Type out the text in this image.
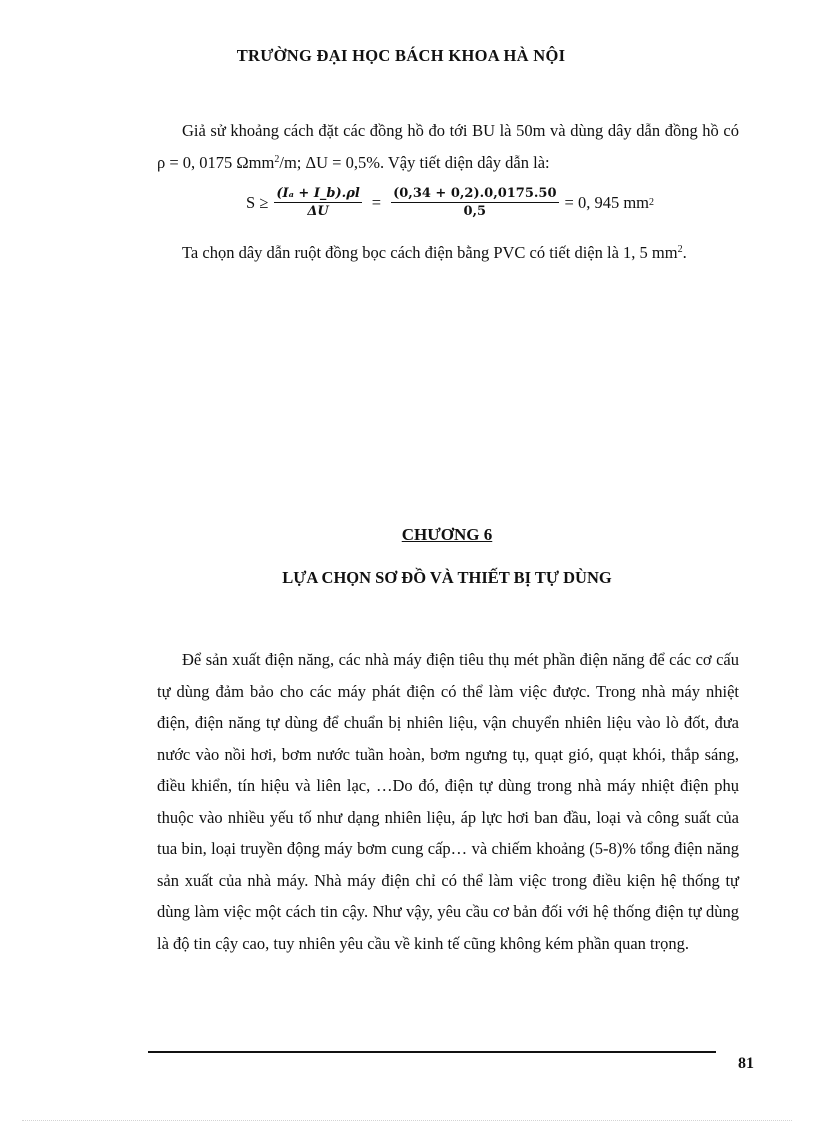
TRƯỜNG ĐẠI HỌC BÁCH KHOA HÀ NỘI
Giả sử khoảng cách đặt các đồng hồ đo tới BU là 50m và dùng dây dẫn đồng hồ có ρ = 0, 0175 Ωmm$^2$/m; ΔU = 0,5%. Vậy tiết diện dây dẫn là:
$S \ge \frac{\text{(Iₐ + I\_b).ρl}}{\Delta U} = \frac{(0,34 + 0,2).0,0175.50}{0,5} = 0$, 945 mm 2
Ta chọn dây dẫn ruột đồng bọc cách điện bằng PVC có tiết diện là 1, 5 $mm^2$.
CHƯƠNG 6
LỰA CHỌN SƠ ĐỒ VÀ THIẾT BỊ TỰ DÙNG
Để sản xuất điện năng, các nhà máy điện tiêu thụ mét phần điện năng để các cơ cấu tự dùng đảm bảo cho các máy phát điện có thể làm việc được. Trong nhà máy nhiệt điện, điện năng tự dùng để chuẩn bị nhiên liệu, vận chuyển nhiên liệu vào lò đốt, đưa nước vào nồi hơi, bơm nước tuần hoàn, bơm ngưng tụ, quạt gió, quạt khói, thắp sáng, điều khiển, tín hiệu và liên lạc, …Do đó, điện tự dùng trong nhà máy nhiệt điện phụ thuộc vào nhiều yếu tố như dạng nhiên liệu, áp lực hơi ban đầu, loại và công suất của tua bin, loại truyền động máy bơm cung cấp… và chiếm khoảng (5-8)% tổng điện năng sản xuất của nhà máy. Nhà máy điện chỉ có thể làm việc trong điều kiện hệ thống tự dùng làm việc một cách tin cậy. Như vậy, yêu cầu cơ bản đối với hệ thống điện tự dùng là độ tin cậy cao, tuy nhiên yêu cầu về kinh tế cũng không kém phần quan trọng.
81
